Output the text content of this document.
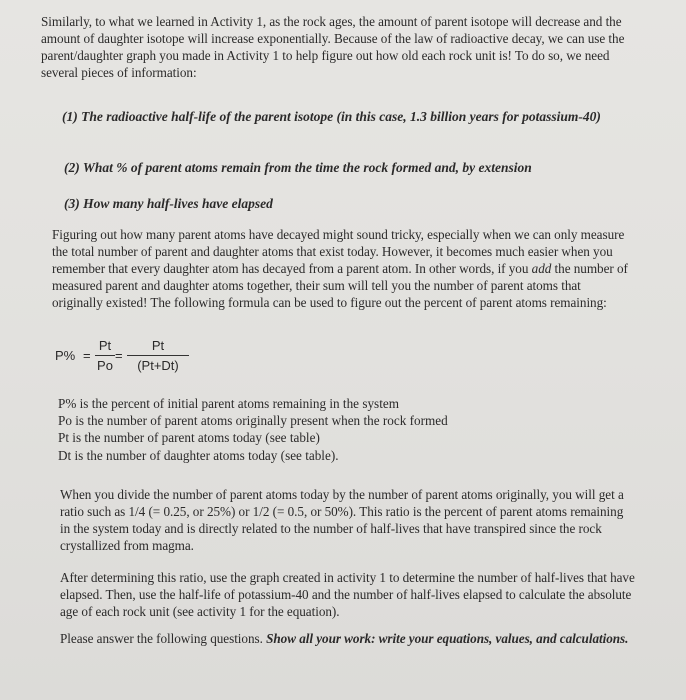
Similarly, to what we learned in Activity 1, as the rock ages, the amount of parent isotope will decrease and the amount of daughter isotope will increase exponentially. Because of the law of radioactive decay, we can use the parent/daughter graph you made in Activity 1 to help figure out how old each rock unit is! To do so, we need several pieces of information:

(1) The radioactive half-life of the parent isotope (in this case, 1.3 billion years for potassium-40)

(2) What % of parent atoms remain from the time the rock formed and, by extension

(3) How many half-lives have elapsed

Figuring out how many parent atoms have decayed might sound tricky, especially when we can only measure the total number of parent and daughter atoms that exist today. However, it becomes much easier when you remember that every daughter atom has decayed from a parent atom. In other words, if you add the number of measured parent and daughter atoms together, their sum will tell you the number of parent atoms that originally existed! The following formula can be used to figure out the percent of parent atoms remaining:

P% =
Pt
Po
=
Pt
(Pt+Dt)

P% is the percent of initial parent atoms remaining in the system

Po is the number of parent atoms originally present when the rock formed

Pt is the number of parent atoms today (see table)

Dt is the number of daughter atoms today (see table).

When you divide the number of parent atoms today by the number of parent atoms originally, you will get a ratio such as 1/4 (= 0.25, or 25%) or 1/2 (= 0.5, or 50%). This ratio is the percent of parent atoms remaining in the system today and is directly related to the number of half-lives that have transpired since the rock crystallized from magma.

After determining this ratio, use the graph created in activity 1 to determine the number of half-lives that have elapsed. Then, use the half-life of potassium-40 and the number of half-lives elapsed to calculate the absolute age of each rock unit (see activity 1 for the equation).

Please answer the following questions. Show all your work: write your equations, values, and calculations.
